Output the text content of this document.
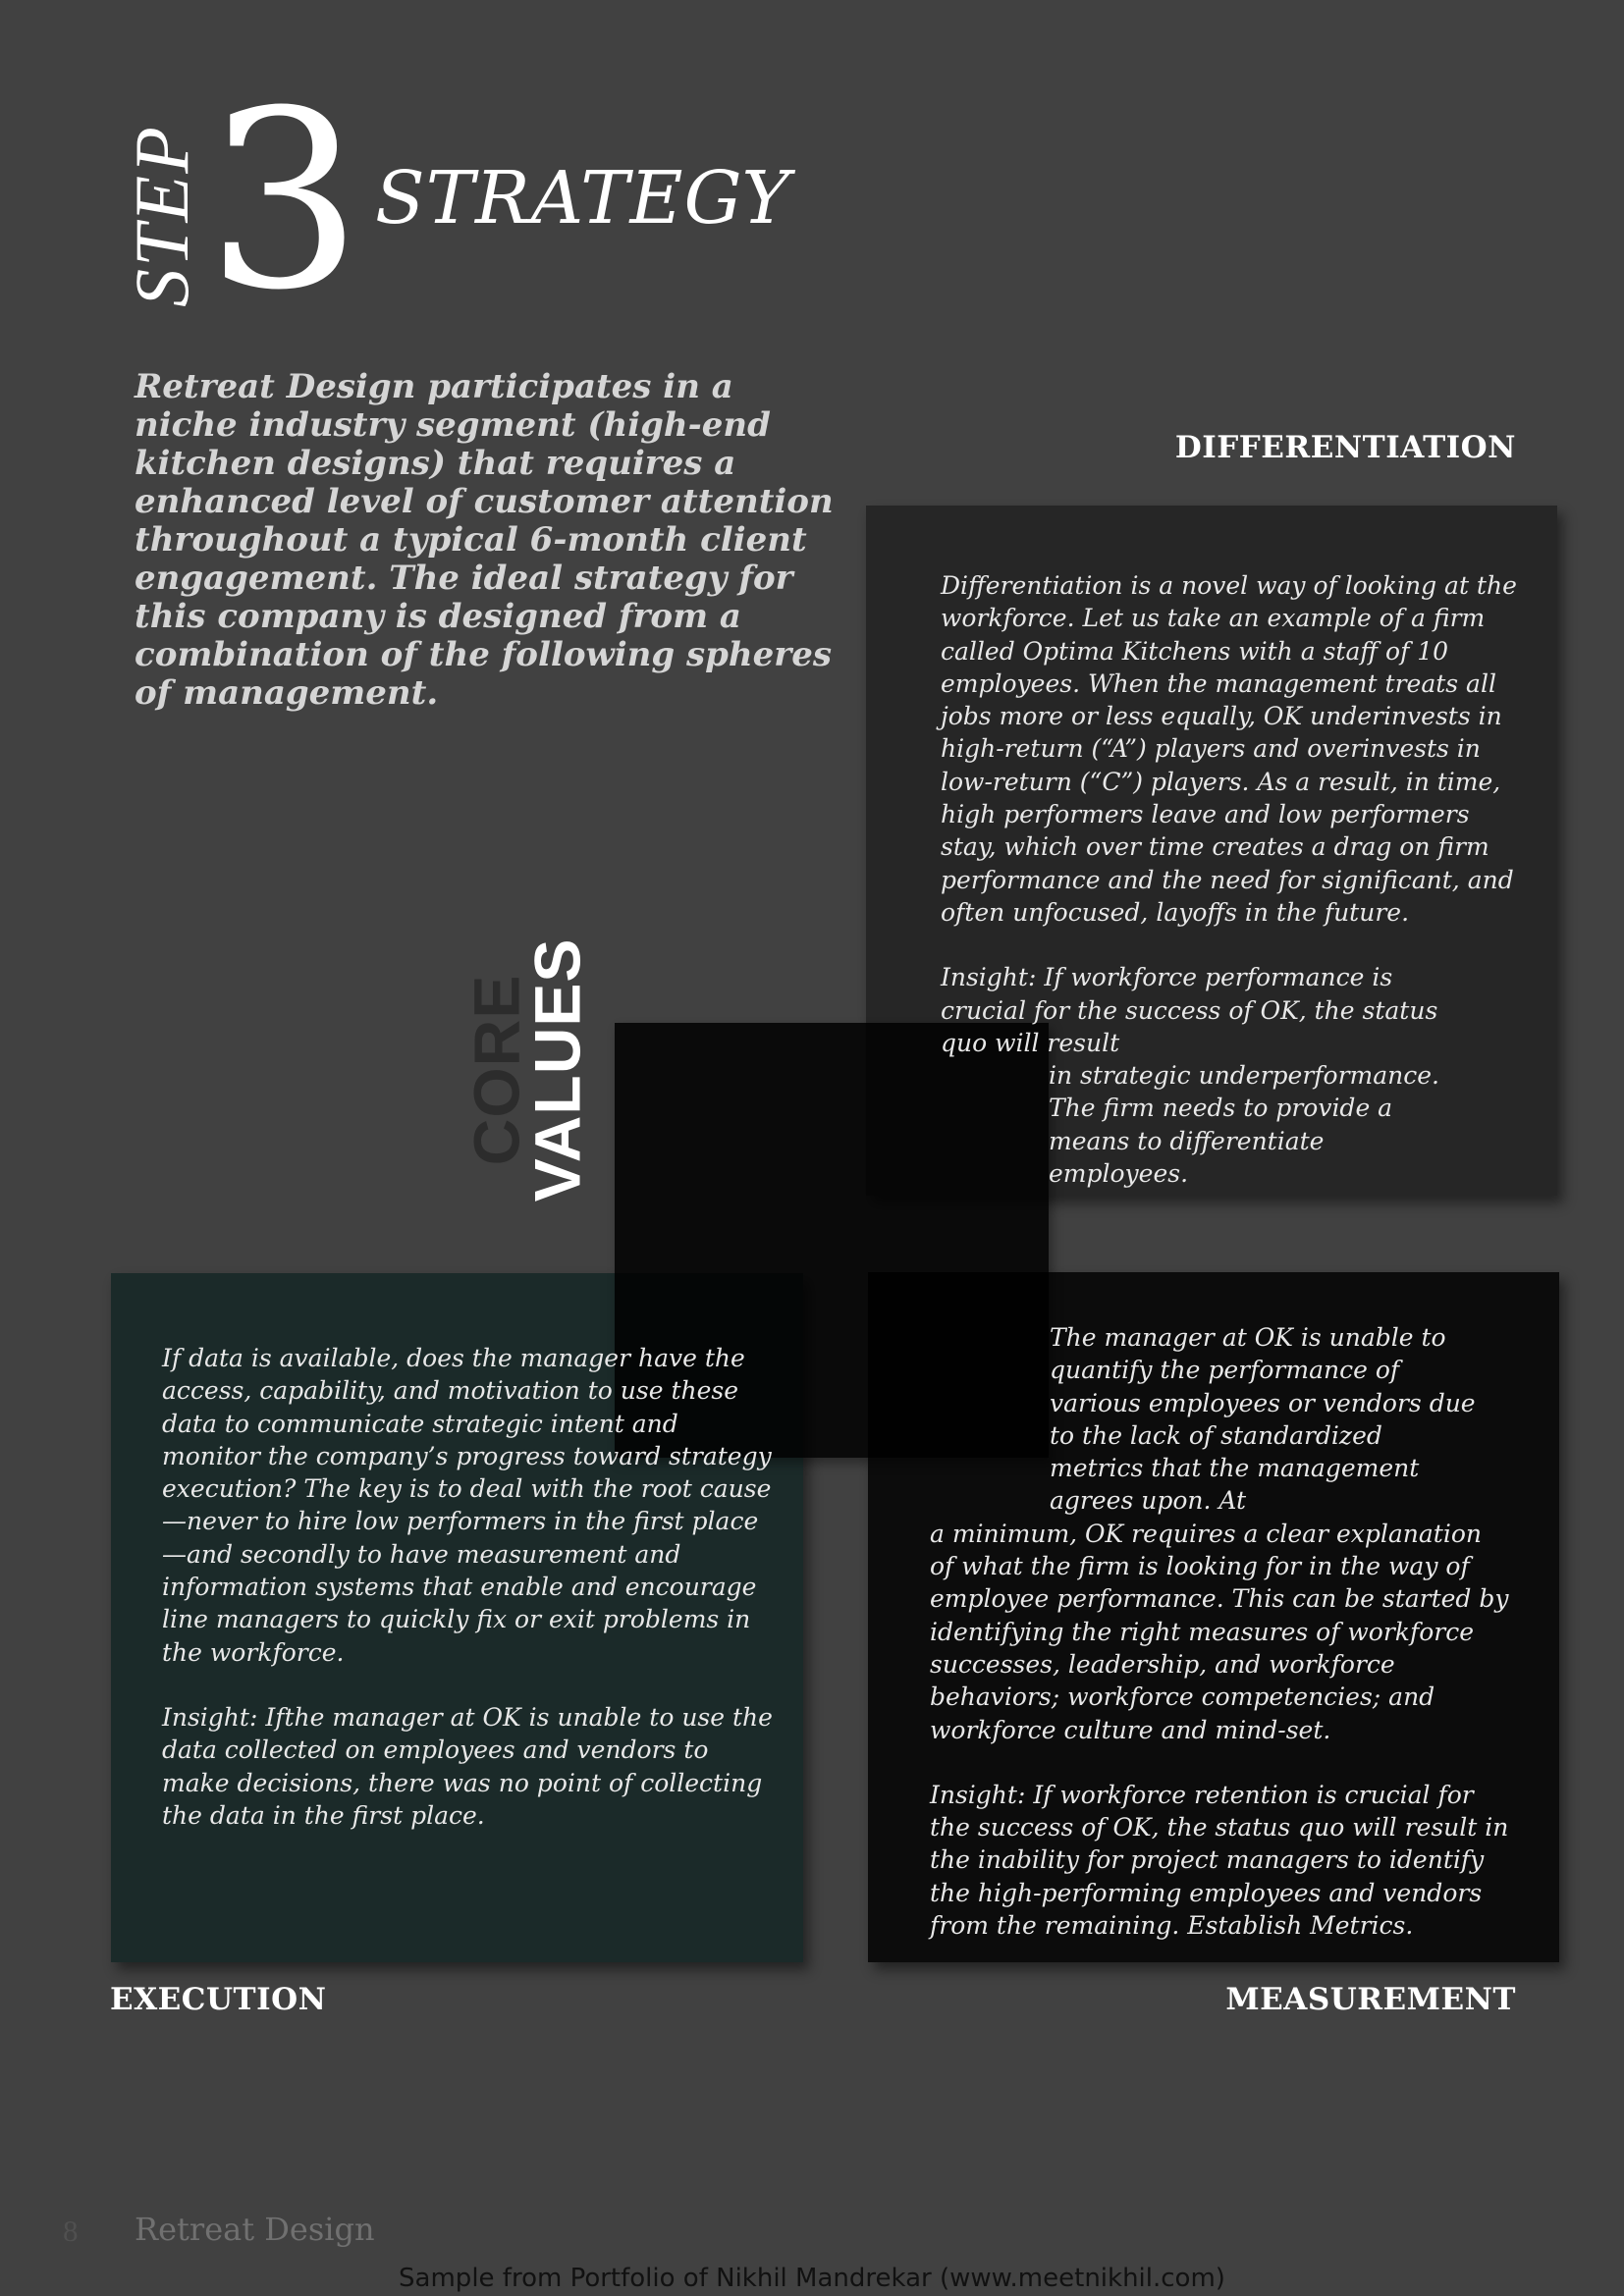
STEP 3 STRATEGY

Retreat Design participates in a niche industry segment (high-end kitchen designs) that requires a enhanced level of customer attention throughout a typical 6-month client engagement. The ideal strategy for this company is designed from a combination of the following spheres of management.

DIFFERENTIATION
EXECUTION	MEASUREMENT
CORE
VALUES

Differentiation is a novel way of looking at the workforce. Let us take an example of a firm called Optima Kitchens with a staff of 10 employees. When the management treats all jobs more or less equally, OK underinvests in high-return (“A”) players and overinvests in low-return (“C”) players. As a result, in time, high performers leave and low performers stay, which over time creates a drag on firm performance and the need for significant, and often unfocused, layoffs in the future.

Insight: If workforce performance is crucial for the success of OK, the status quo will result

in strategic underperformance. The firm needs to provide a means to differentiate employees.

If data is available, does the manager have the access, capability, and motivation to use these data to communicate strategic intent and monitor the company’s progress toward strategy execution? The key is to deal with the root cause—never to hire low performers in the first place—and secondly to have measurement and information systems that enable and encourage line managers to quickly fix or exit problems in the workforce.

Insight: Ifthe manager at OK is unable to use the data collected on employees and vendors to make decisions, there was no point of collecting the data in the first place.

The manager at OK is unable to quantify the performance of various employees or vendors due to the lack of standardized metrics that the management agrees upon. At

a minimum, OK requires a clear explanation of what the firm is looking for in the way of employee performance. This can be started by identifying the right measures of workforce successes, leadership, and workforce behaviors; workforce competencies; and workforce culture and mind-set.

Insight: If workforce retention is crucial for the success of OK, the status quo will result in the inability for project managers to identify the high-performing employees and vendors from the remaining. Establish Metrics.

8 Retreat Design
Sample from Portfolio of Nikhil Mandrekar (www.meetnikhil.com)
